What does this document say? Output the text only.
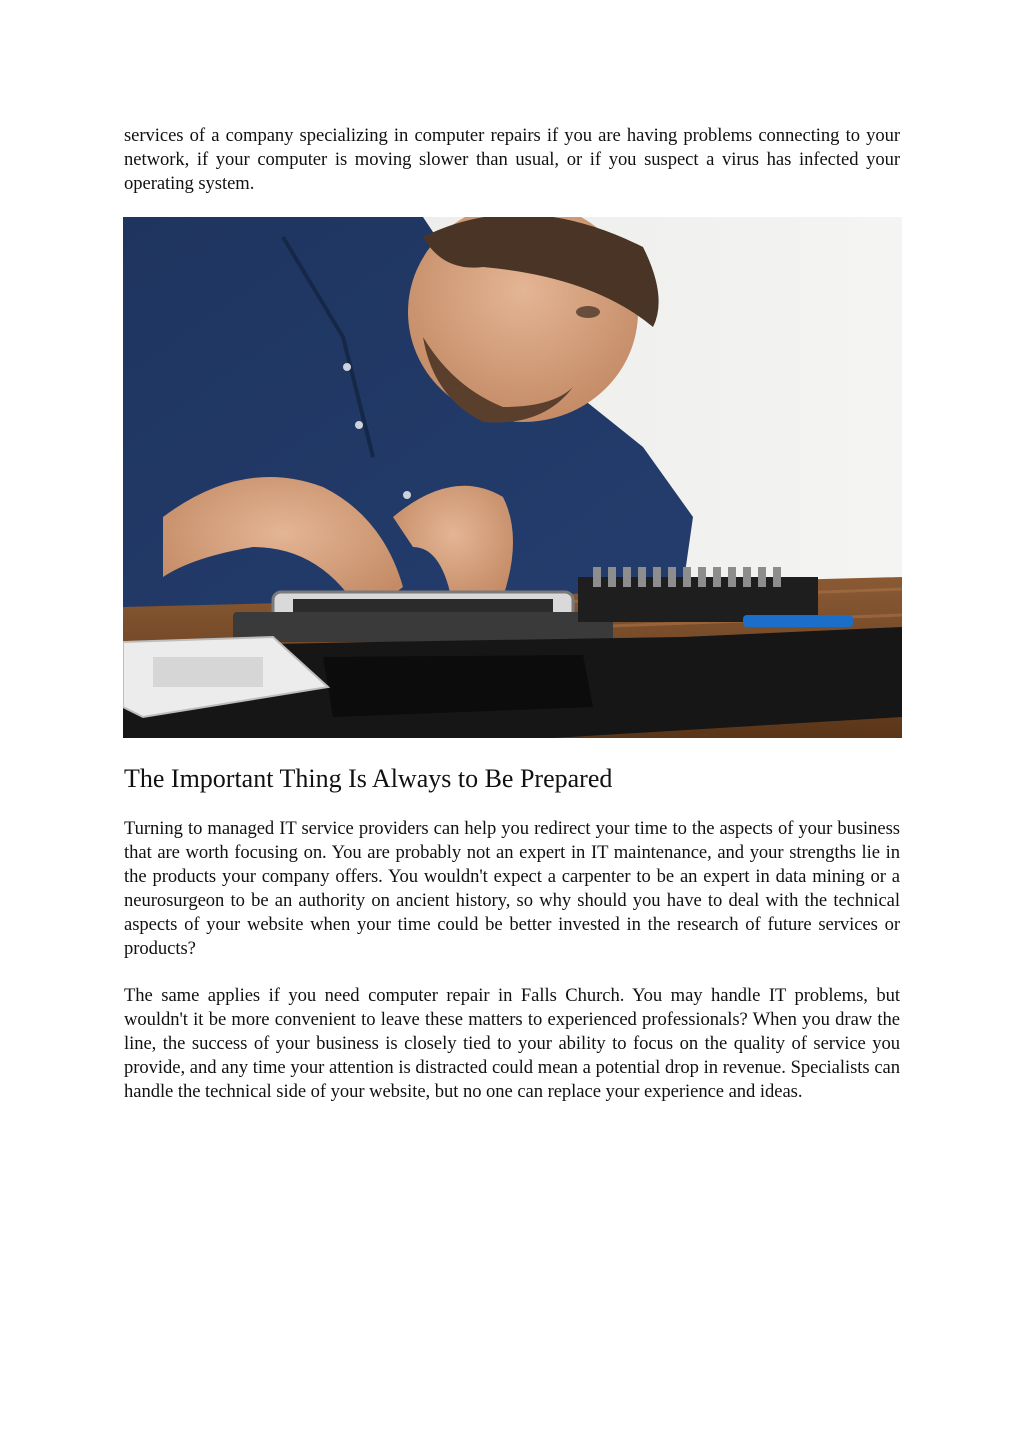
services of a company specializing in computer repairs if you are having problems connecting to your network, if your computer is moving slower than usual, or if you suspect a virus has infected your operating system.

The Important Thing Is Always to Be Prepared

Turning to managed IT service providers can help you redirect your time to the aspects of your business that are worth focusing on. You are probably not an expert in IT maintenance, and your strengths lie in the products your company offers. You wouldn't expect a carpenter to be an expert in data mining or a neurosurgeon to be an authority on ancient history, so why should you have to deal with the technical aspects of your website when your time could be better invested in the research of future services or products?

The same applies if you need computer repair in Falls Church. You may handle IT problems, but wouldn't it be more convenient to leave these matters to experienced professionals? When you draw the line, the success of your business is closely tied to your ability to focus on the quality of service you provide, and any time your attention is distracted could mean a potential drop in revenue. Specialists can handle the technical side of your website, but no one can replace your experience and ideas.
